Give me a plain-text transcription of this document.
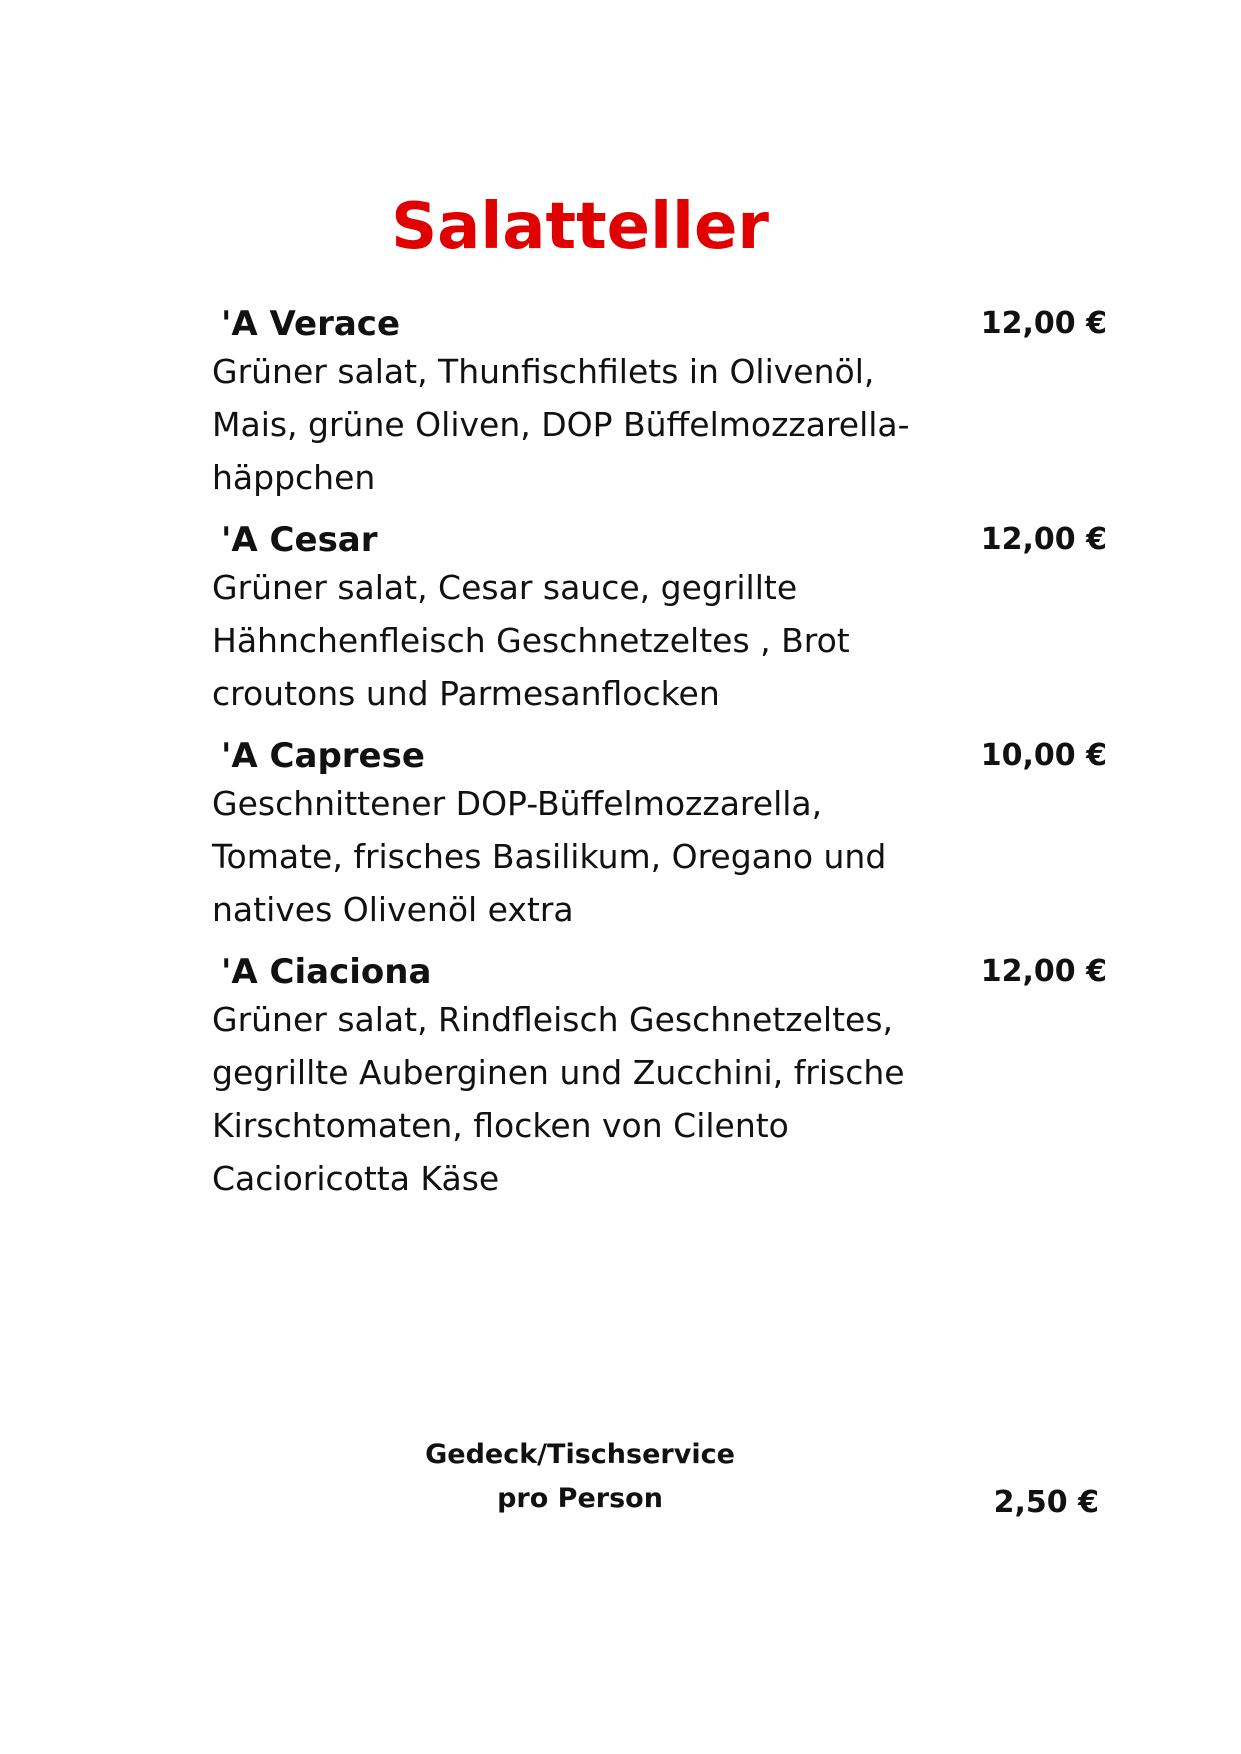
Salatteller
'A Verace	12,00 €
Grüner salat, Thunfischfilets in Olivenöl,
Mais, grüne Oliven, DOP Büffelmozzarella-
häppchen
'A Cesar	12,00 €
Grüner salat, Cesar sauce, gegrillte
Hähnchenfleisch Geschnetzeltes , Brot
croutons und Parmesanflocken
'A Caprese	10,00 €
Geschnittener DOP-Büffelmozzarella,
Tomate, frisches Basilikum, Oregano und
natives Olivenöl extra
'A Ciaciona	12,00 €
Grüner salat, Rindfleisch Geschnetzeltes,
gegrillte Auberginen und Zucchini, frische
Kirschtomaten, flocken von Cilento
Cacioricotta Käse
Gedeck/Tischservice
pro Person	2,50 €
